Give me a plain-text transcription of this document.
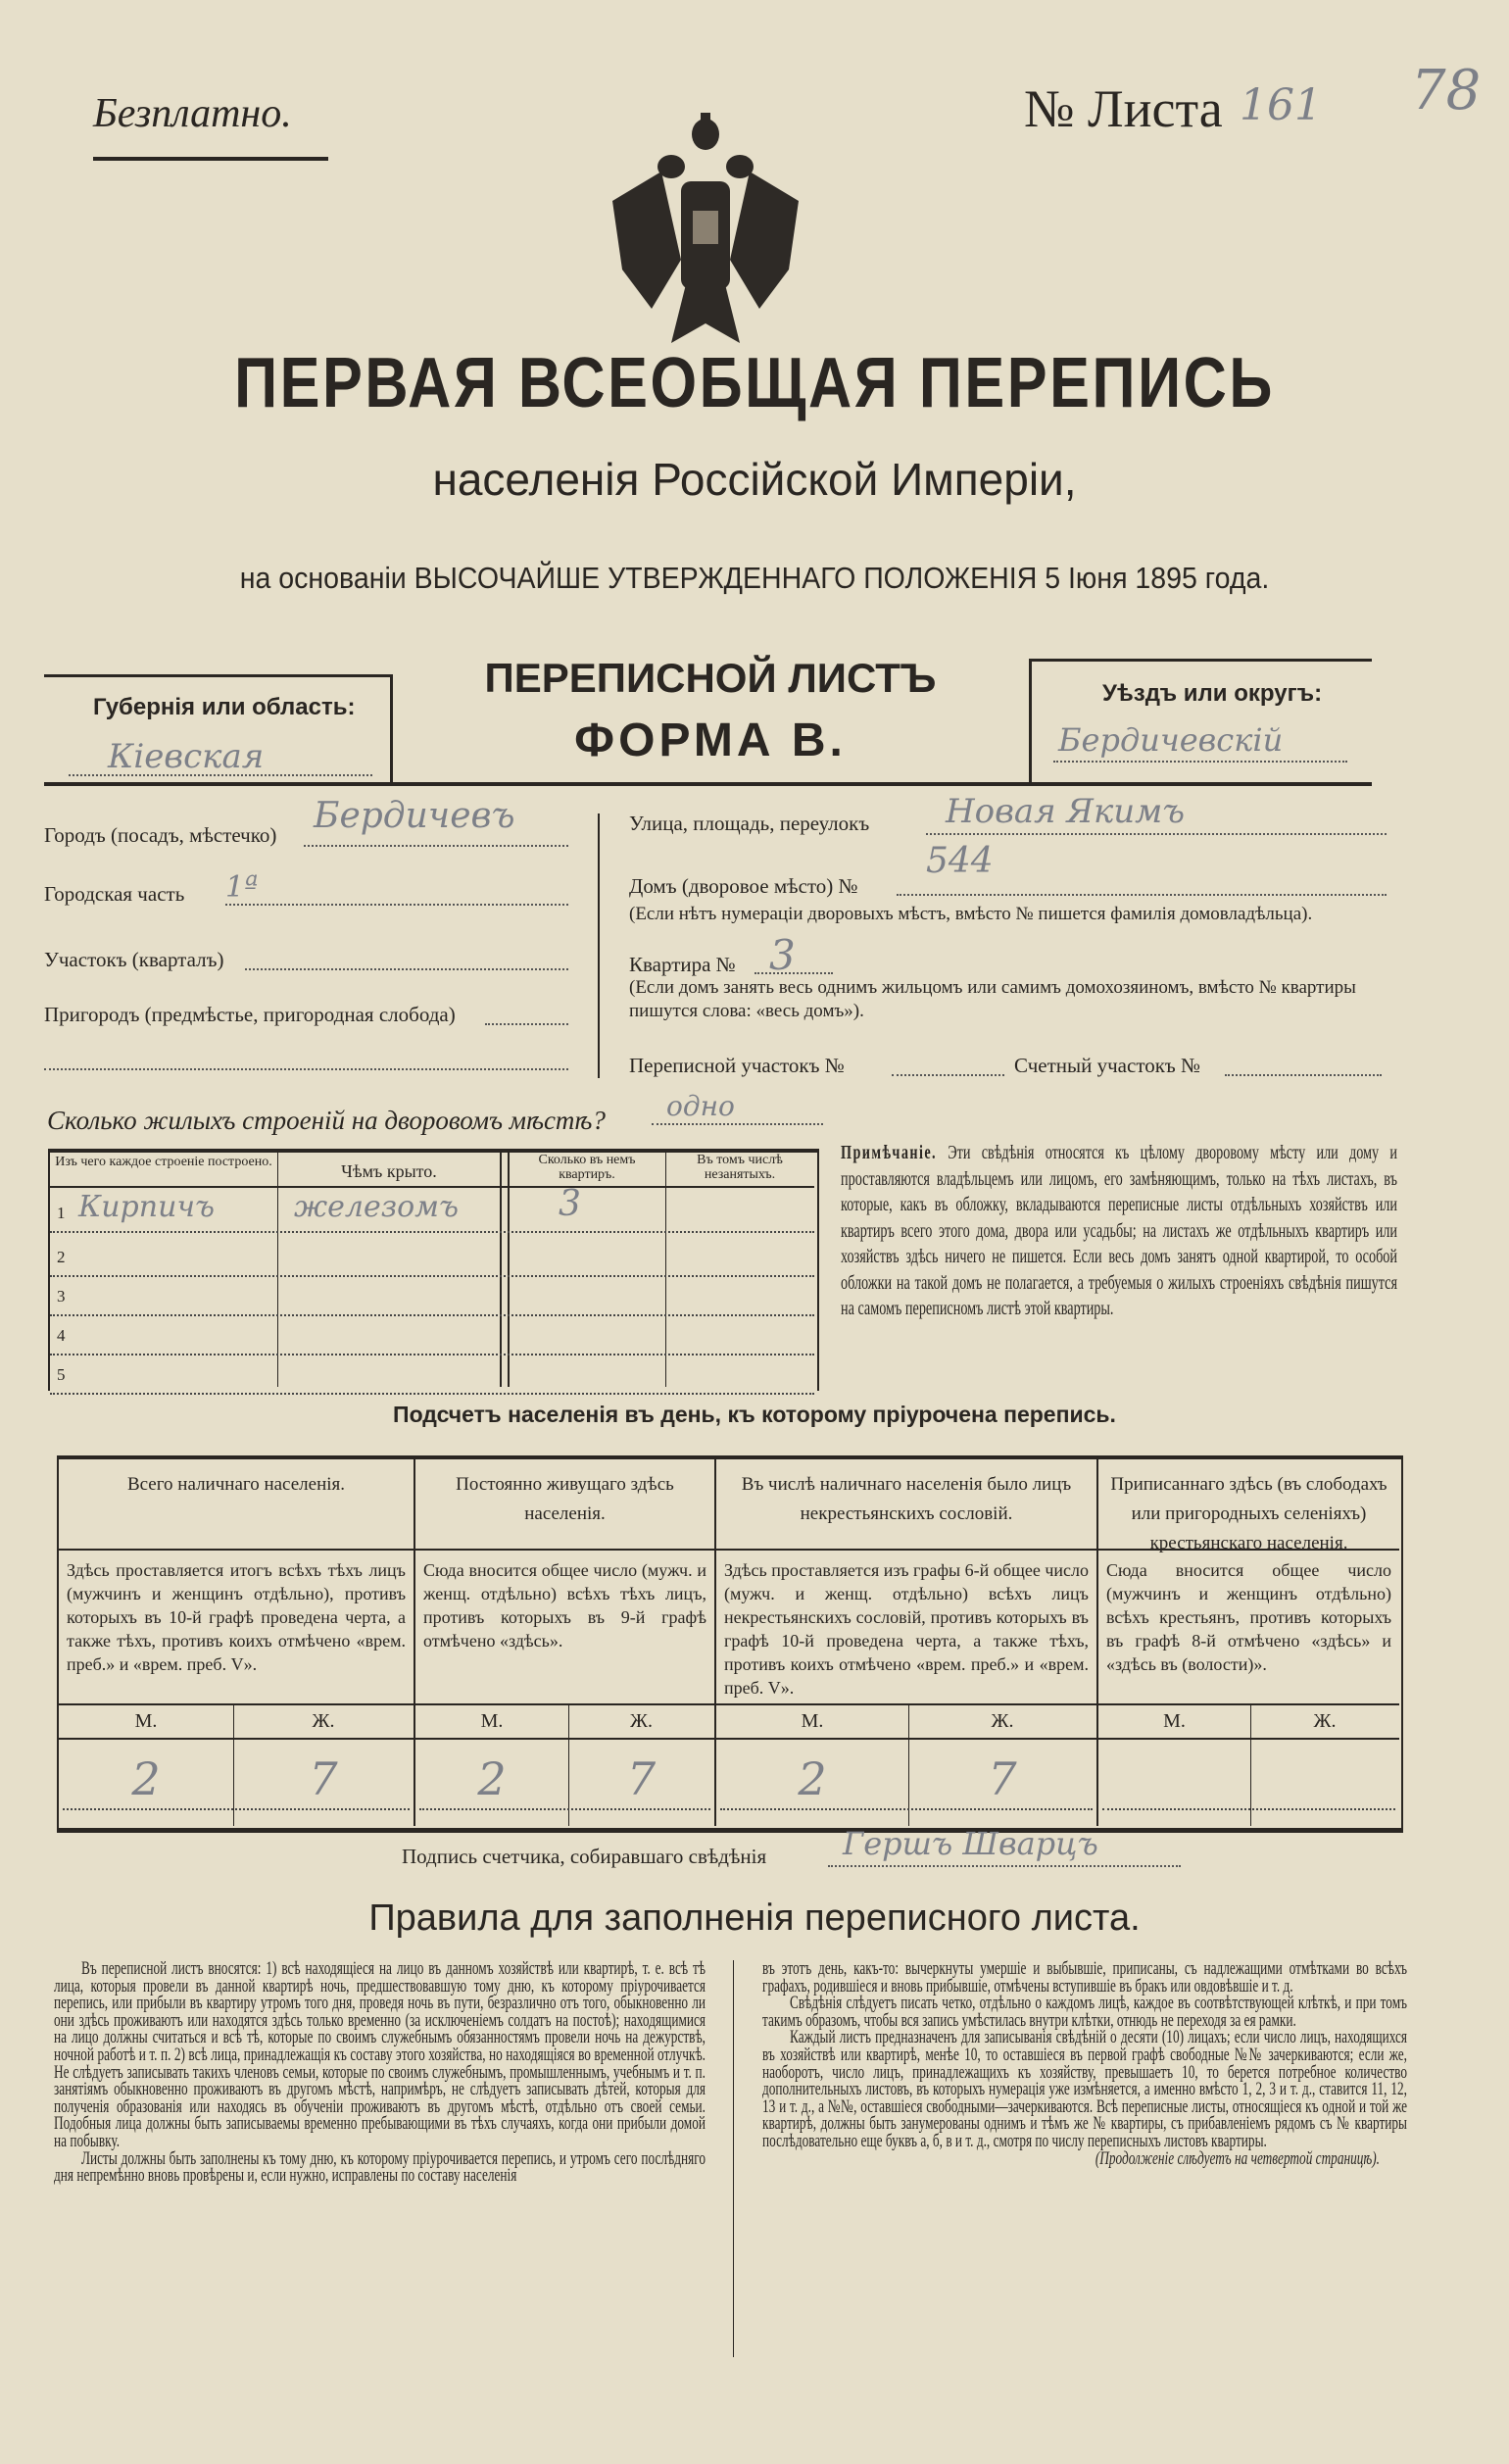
Безплатно.	№ Листа 161 78
ПЕРВАЯ ВСЕОБЩАЯ ПЕРЕПИСЬ
населенія Россійской Имперіи,
на основаніи ВЫСОЧАЙШЕ УТВЕРЖДЕННАГО ПОЛОЖЕНІЯ 5 Іюня 1895 года.
Губернія или область:
Кіевская
ПЕРЕПИСНОЙ ЛИСТЪ
ФОРМА В.
Уѣздъ или округъ:
Бердичевскій
Городъ (посадъ, мѣстечко) Бердичевъ
Городская часть 1ª
Участокъ (кварталъ)
Пригородъ (предмѣстье, пригородная слобода)
Улица, площадь, переулокъ Новая Якимъ
Домъ (дворовое мѣсто) №
544
(Если нѣтъ нумераціи дворовыхъ мѣстъ, вмѣсто № пишется фамилія домовладѣльца).
Квартира № 3
(Если домъ занять весь однимъ жильцомъ или самимъ домохозяиномъ, вмѣсто № квартиры пишутся слова: «весь домъ»).
Переписной участокъ №	Счетный участокъ №
Сколько жилыхъ строеній на дворовомъ мѣстѣ? одно
Изъ чего каждое строеніе построено.	Чѣмъ крыто.
Сколько въ немъ квартиръ.
Въ томъ числѣ незанятыхъ.
1 Кирпичъ	железомъ	3
2
3
4
5
Примѣчаніе. Эти свѣдѣнія относятся къ цѣлому дворовому мѣсту или дому и проставляются владѣльцемъ или лицомъ, его замѣняющимъ, только на тѣхъ листахъ, въ которые, какъ въ обложку, вкладываются переписные листы отдѣльныхъ хозяйствъ или квартиръ всего этого дома, двора или усадьбы; на листахъ же отдѣльныхъ квартиръ или хозяйствъ здѣсь ничего не пишется. Если весь домъ занятъ одной квартирой, то особой обложки на такой домъ не полагается, а требуемыя о жилыхъ строеніяхъ свѣдѣнія пишутся на самомъ переписномъ листѣ этой квартиры.
Подсчетъ населенія въ день, къ которому пріурочена перепись.
Всего наличнаго населенія.
Здѣсь проставляется итогъ всѣхъ тѣхъ лицъ (мужчинъ и женщинъ отдѣльно), противъ которыхъ въ 10-й графѣ проведена черта, а также тѣхъ, противъ коихъ отмѣчено «врем. преб.» и «врем. преб. V».
М.	Ж.
2	7
Постоянно живущаго здѣсь населенія.
Сюда вносится общее число (мужч. и женщ. отдѣльно) всѣхъ тѣхъ лицъ, противъ которыхъ въ 9-й графѣ отмѣчено «здѣсь».
М.	Ж.
2	7
Въ числѣ наличнаго населенія было лицъ некрестьянскихъ сословій.
Здѣсь проставляется изъ графы 6-й общее число (мужч. и женщ. отдѣльно) всѣхъ лицъ некрестьянскихъ сословій, противъ которыхъ въ графѣ 10-й проведена черта, а также тѣхъ, противъ коихъ отмѣчено «врем. преб.» и «врем. преб. V».
М.	Ж.
2	7
Приписаннаго здѣсь (въ слободахъ или пригородныхъ селеніяхъ) крестьянскаго населенія.
Сюда вносится общее число (мужчинъ и женщинъ отдѣльно) всѣхъ крестьянъ, противъ которыхъ въ графѣ 8-й отмѣчено «здѣсь» и «здѣсь въ (волости)».
М.	Ж.
Подпись счетчика, собиравшаго свѣдѣнія Гершъ Шварцъ
Правила для заполненія переписного листа.
Въ переписной листъ вносятся: 1) всѣ находящіеся на лицо въ данномъ хозяйствѣ или квартирѣ, т. е. всѣ тѣ лица, которыя провели въ данной квартирѣ ночь, предшествовавшую тому дню, къ которому пріурочивается перепись, или прибыли въ квартиру утромъ того дня, проведя ночь въ пути, безразлично отъ того, обыкновенно ли они здѣсь проживаютъ или находятся здѣсь только временно (за исключеніемъ солдатъ на постоѣ); находящимися на лицо должны считаться и всѣ тѣ, которые по своимъ служебнымъ обязанностямъ провели ночь на дежурствѣ, ночной работѣ и т. п. 2) всѣ лица, принадлежащія къ составу этого хозяйства, но находящіяся во временной отлучкѣ. Не слѣдуетъ записывать такихъ членовъ семьи, которые по своимъ служебнымъ, промышленнымъ, учебнымъ и т. п. занятіямъ обыкновенно проживаютъ въ другомъ мѣстѣ, напримѣръ, не слѣдуетъ записывать дѣтей, которыя для полученія образованія или находясь въ обученіи проживаютъ въ другомъ мѣстѣ, отдѣльно отъ своей семьи. Подобныя лица должны быть записываемы временно пребывающими въ тѣхъ случаяхъ, когда они прибыли домой на побывку.
Листы должны быть заполнены къ тому дню, къ которому пріурочивается перепись, и утромъ сего послѣдняго дня непремѣнно вновь провѣрены и, если нужно, исправлены по составу населенія
въ этотъ день, какъ-то: вычеркнуты умершіе и выбывшіе, приписаны, съ надлежащими отмѣтками во всѣхъ графахъ, родившіеся и вновь прибывшіе, отмѣчены вступившіе въ бракъ или овдовѣвшіе и т. д.
Свѣдѣнія слѣдуетъ писать четко, отдѣльно о каждомъ лицѣ, каждое въ соотвѣтствующей клѣткѣ, и при томъ такимъ образомъ, чтобы вся запись умѣстилась внутри клѣтки, отнюдь не переходя за ея рамки.
Каждый листъ предназначенъ для записыванія свѣдѣній о десяти (10) лицахъ; если число лицъ, находящихся въ хозяйствѣ или квартирѣ, менѣе 10, то оставшіеся въ первой графѣ свободные №№ зачеркиваются; если же, наоборотъ, число лицъ, принадлежащихъ къ хозяйству, превышаетъ 10, то берется потребное количество дополнительныхъ листовъ, въ которыхъ нумерація уже измѣняется, а именно вмѣсто 1, 2, 3 и т. д., ставится 11, 12, 13 и т. д., а №№, оставшіеся свободными—зачеркиваются. Всѣ переписные листы, относящіеся къ одной и той же квартирѣ, должны быть занумерованы однимъ и тѣмъ же № квартиры, съ прибавленіемъ рядомъ съ № квартиры послѣдовательно еще буквъ а, б, в и т. д., смотря по числу переписныхъ листовъ квартиры.
(Продолженіе слѣдуетъ на четвертой страницѣ).
